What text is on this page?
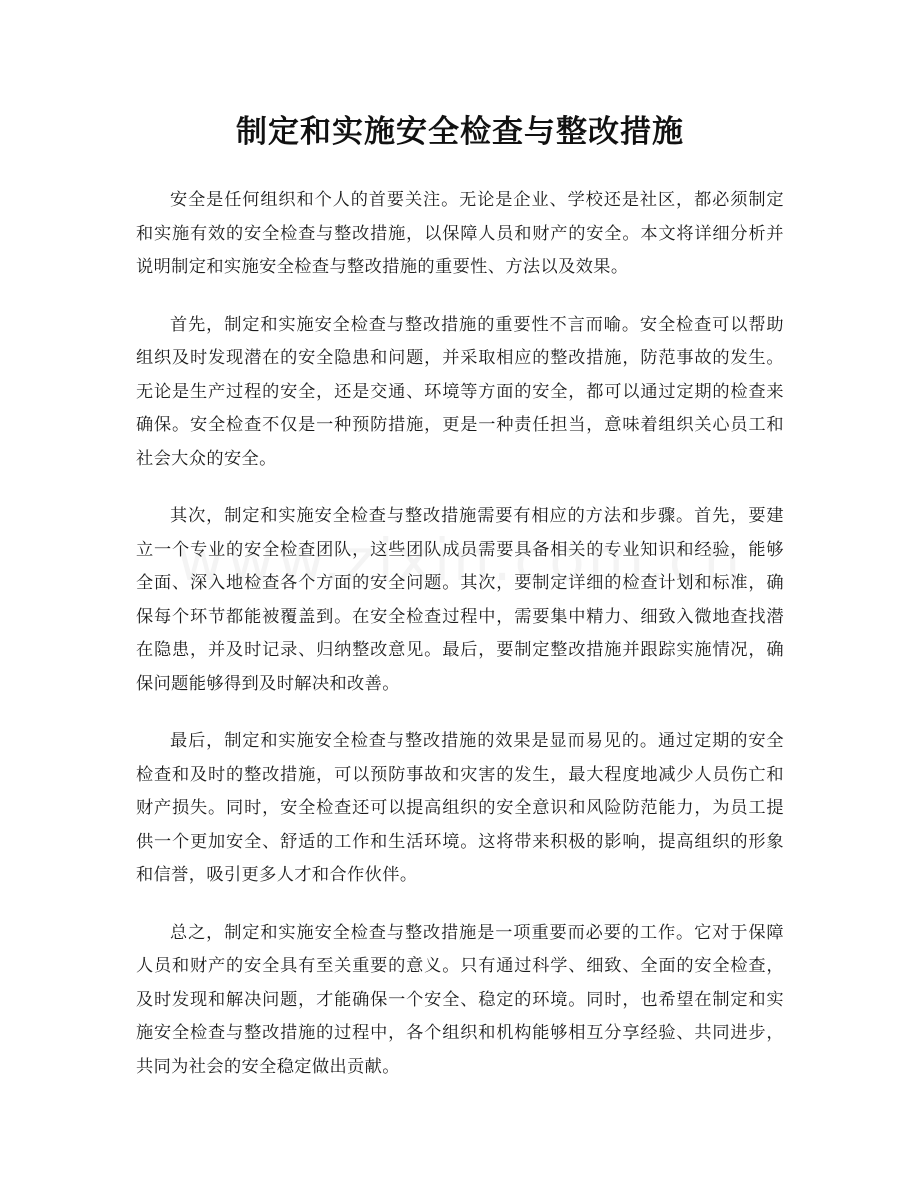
制定和实施安全检查与整改措施

安全是任何组织和个人的首要关注。无论是企业、学校还是社区，都必须制定和实施有效的安全检查与整改措施，以保障人员和财产的安全。本文将详细分析并说明制定和实施安全检查与整改措施的重要性、方法以及效果。

首先，制定和实施安全检查与整改措施的重要性不言而喻。安全检查可以帮助组织及时发现潜在的安全隐患和问题，并采取相应的整改措施，防范事故的发生。无论是生产过程的安全，还是交通、环境等方面的安全，都可以通过定期的检查来确保。安全检查不仅是一种预防措施，更是一种责任担当，意味着组织关心员工和社会大众的安全。

其次，制定和实施安全检查与整改措施需要有相应的方法和步骤。首先，要建立一个专业的安全检查团队，这些团队成员需要具备相关的专业知识和经验，能够全面、深入地检查各个方面的安全问题。其次，要制定详细的检查计划和标准，确保每个环节都能被覆盖到。在安全检查过程中，需要集中精力、细致入微地查找潜在隐患，并及时记录、归纳整改意见。最后，要制定整改措施并跟踪实施情况，确保问题能够得到及时解决和改善。

最后，制定和实施安全检查与整改措施的效果是显而易见的。通过定期的安全检查和及时的整改措施，可以预防事故和灾害的发生，最大程度地减少人员伤亡和财产损失。同时，安全检查还可以提高组织的安全意识和风险防范能力，为员工提供一个更加安全、舒适的工作和生活环境。这将带来积极的影响，提高组织的形象和信誉，吸引更多人才和合作伙伴。

总之，制定和实施安全检查与整改措施是一项重要而必要的工作。它对于保障人员和财产的安全具有至关重要的意义。只有通过科学、细致、全面的安全检查，及时发现和解决问题，才能确保一个安全、稳定的环境。同时，也希望在制定和实施安全检查与整改措施的过程中，各个组织和机构能够相互分享经验、共同进步，共同为社会的安全稳定做出贡献。
